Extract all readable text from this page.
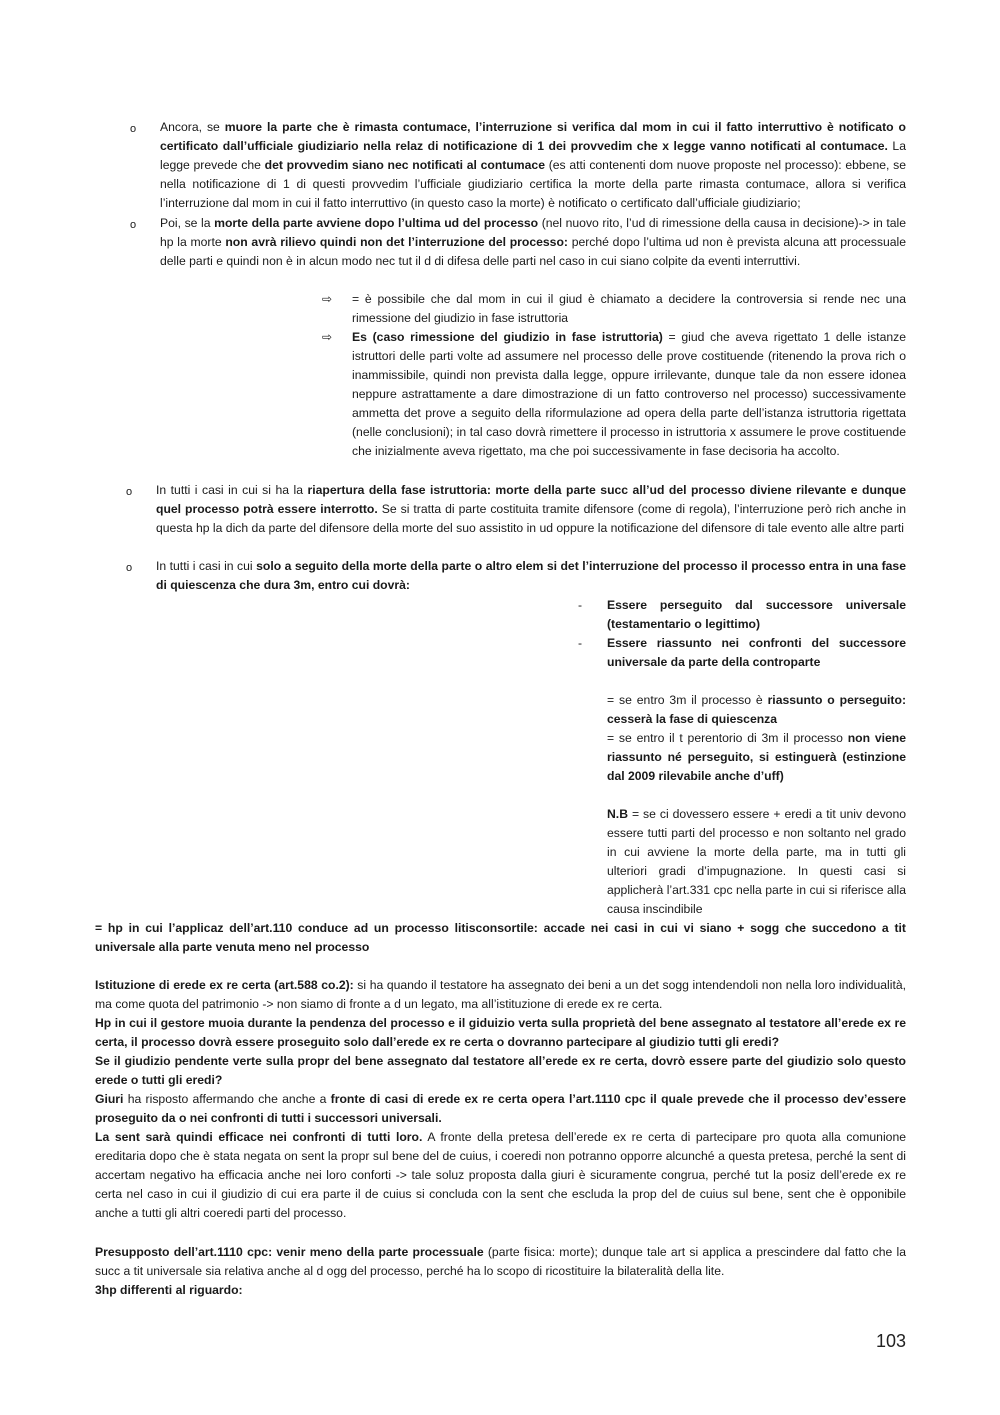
o Ancora, se muore la parte che è rimasta contumace, l’interruzione si verifica dal mom in cui il fatto interruttivo è notificato o certificato dall’ufficiale giudiziario nella relaz di notificazione di 1 dei provvedim che x legge vanno notificati al contumace. La legge prevede che det provvedim siano nec notificati al contumace (es atti contenenti dom nuove proposte nel processo): ebbene, se nella notificazione di 1 di questi provvedim l’ufficiale giudiziario certifica la morte della parte rimasta contumace, allora si verifica l’interruzione dal mom in cui il fatto interruttivo (in questo caso la morte) è notificato o certificato dall’ufficiale giudiziario;

o Poi, se la morte della parte avviene dopo l’ultima ud del processo (nel nuovo rito, l’ud di rimessione della causa in decisione)-> in tale hp la morte non avrà rilievo quindi non det l’interruzione del processo: perché dopo l’ultima ud non è prevista alcuna att processuale delle parti e quindi non è in alcun modo nec tut il d di difesa delle parti nel caso in cui siano colpite da eventi interruttivi.

⇨ = è possibile che dal mom in cui il giud è chiamato a decidere la controversia si rende nec una rimessione del giudizio in fase istruttoria

⇨ Es (caso rimessione del giudizio in fase istruttoria) = giud che aveva rigettato 1 delle istanze istruttori delle parti volte ad assumere nel processo delle prove costituende (ritenendo la prova rich o inammissibile, quindi non prevista dalla legge, oppure irrilevante, dunque tale da non essere idonea neppure astrattamente a dare dimostrazione di un fatto controverso nel processo) successivamente ammetta det prove a seguito della riformulazione ad opera della parte dell’istanza istruttoria rigettata (nelle conclusioni); in tal caso dovrà rimettere il processo in istruttoria x assumere le prove costituende che inizialmente aveva rigettato, ma che poi successivamente in fase decisoria ha accolto.

o In tutti i casi in cui si ha la riapertura della fase istruttoria: morte della parte succ all’ud del processo diviene rilevante e dunque quel processo potrà essere interrotto. Se si tratta di parte costituita tramite difensore (come di regola), l’interruzione però rich anche in questa hp la dich da parte del difensore della morte del suo assistito in ud oppure la notificazione del difensore di tale evento alle altre parti

o In tutti i casi in cui solo a seguito della morte della parte o altro elem si det l’interruzione del processo il processo entra in una fase di quiescenza che dura 3m, entro cui dovrà:

- Essere perseguito dal successore universale (testamentario o legittimo)

- Essere riassunto nei confronti del successore universale da parte della controparte

= se entro 3m il processo è riassunto o perseguito: cesserà la fase di quiescenza

= se entro il t perentorio di 3m il processo non viene riassunto né perseguito, si estinguerà (estinzione dal 2009 rilevabile anche d’uff)

N.B = se ci dovessero essere + eredi a tit univ devono essere tutti parti del processo e non soltanto nel grado in cui avviene la morte della parte, ma in tutti gli ulteriori gradi d’impugnazione. In questi casi si applicherà l’art.331 cpc nella parte in cui si riferisce alla causa inscindibile

= hp in cui l’applicaz dell’art.110 conduce ad un processo litisconsortile: accade nei casi in cui vi siano + sogg che succedono a tit universale alla parte venuta meno nel processo

Istituzione di erede ex re certa (art.588 co.2): si ha quando il testatore ha assegnato dei beni a un det sogg intendendoli non nella loro individualità, ma come quota del patrimonio -> non siamo di fronte a d un legato, ma all’istituzione di erede ex re certa.

Hp in cui il gestore muoia durante la pendenza del processo e il giduizio verta sulla proprietà del bene assegnato al testatore all’erede ex re certa, il processo dovrà essere proseguito solo dall’erede ex re certa o dovranno partecipare al giudizio tutti gli eredi?

Se il giudizio pendente verte sulla propr del bene assegnato dal testatore all’erede ex re certa, dovrò essere parte del giudizio solo questo erede o tutti gli eredi?

Giuri ha risposto affermando che anche a fronte di casi di erede ex re certa opera l’art.1110 cpc il quale prevede che il processo dev’essere proseguito da o nei confronti di tutti i successori universali.

La sent sarà quindi efficace nei confronti di tutti loro. A fronte della pretesa dell’erede ex re certa di partecipare pro quota alla comunione ereditaria dopo che è stata negata on sent la propr sul bene del de cuius, i coeredi non potranno opporre alcunché a questa pretesa, perché la sent di accertam negativo ha efficacia anche nei loro conforti -> tale soluz proposta dalla giuri è sicuramente congrua, perché tut la posiz dell’erede ex re certa nel caso in cui il giudizio di cui era parte il de cuius si concluda con la sent che escluda la prop del de cuius sul bene, sent che è opponibile anche a tutti gli altri coeredi parti del processo.

Presupposto dell’art.1110 cpc: venir meno della parte processuale (parte fisica: morte); dunque tale art si applica a prescindere dal fatto che la succ a tit universale sia relativa anche al d ogg del processo, perché ha lo scopo di ricostituire la bilateralità della lite.

3hp differenti al riguardo:

103
